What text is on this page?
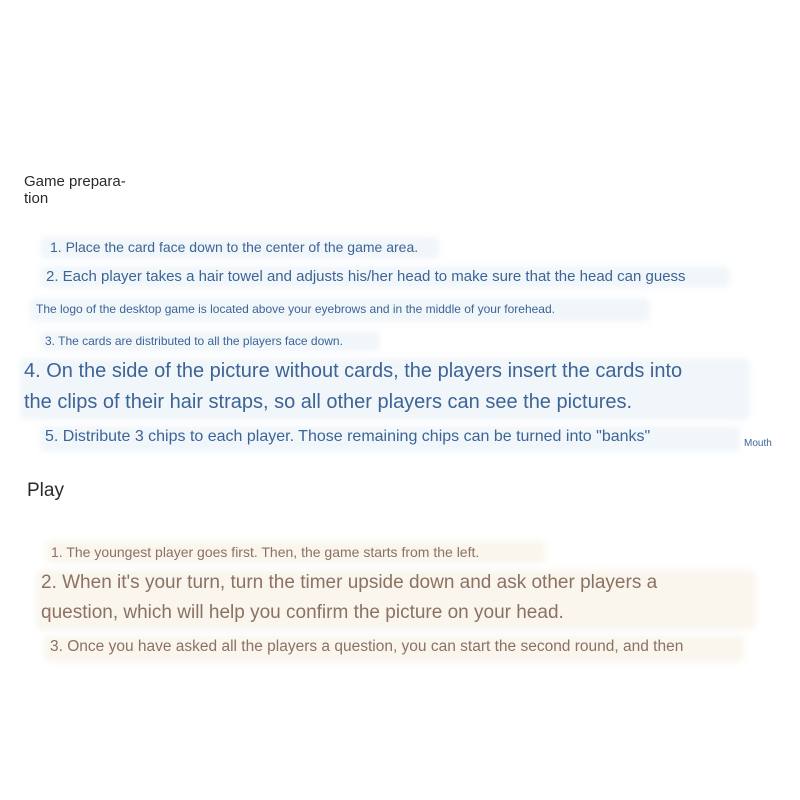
Game prepara-
tion

1. Place the card face down to the center of the game area.

2. Each player takes a hair towel and adjusts his/her head to make sure that the head can guess

The logo of the desktop game is located above your eyebrows and in the middle of your forehead.

3. The cards are distributed to all the players face down.

4. On the side of the picture without cards, the players insert the cards into

the clips of their hair straps, so all other players can see the pictures.

5. Distribute 3 chips to each player. Those remaining chips can be turned into "banks"	Mouth

Play

1. The youngest player goes first. Then, the game starts from the left.

2. When it's your turn, turn the timer upside down and ask other players a

question, which will help you confirm the picture on your head.

3. Once you have asked all the players a question, you can start the second round, and then
